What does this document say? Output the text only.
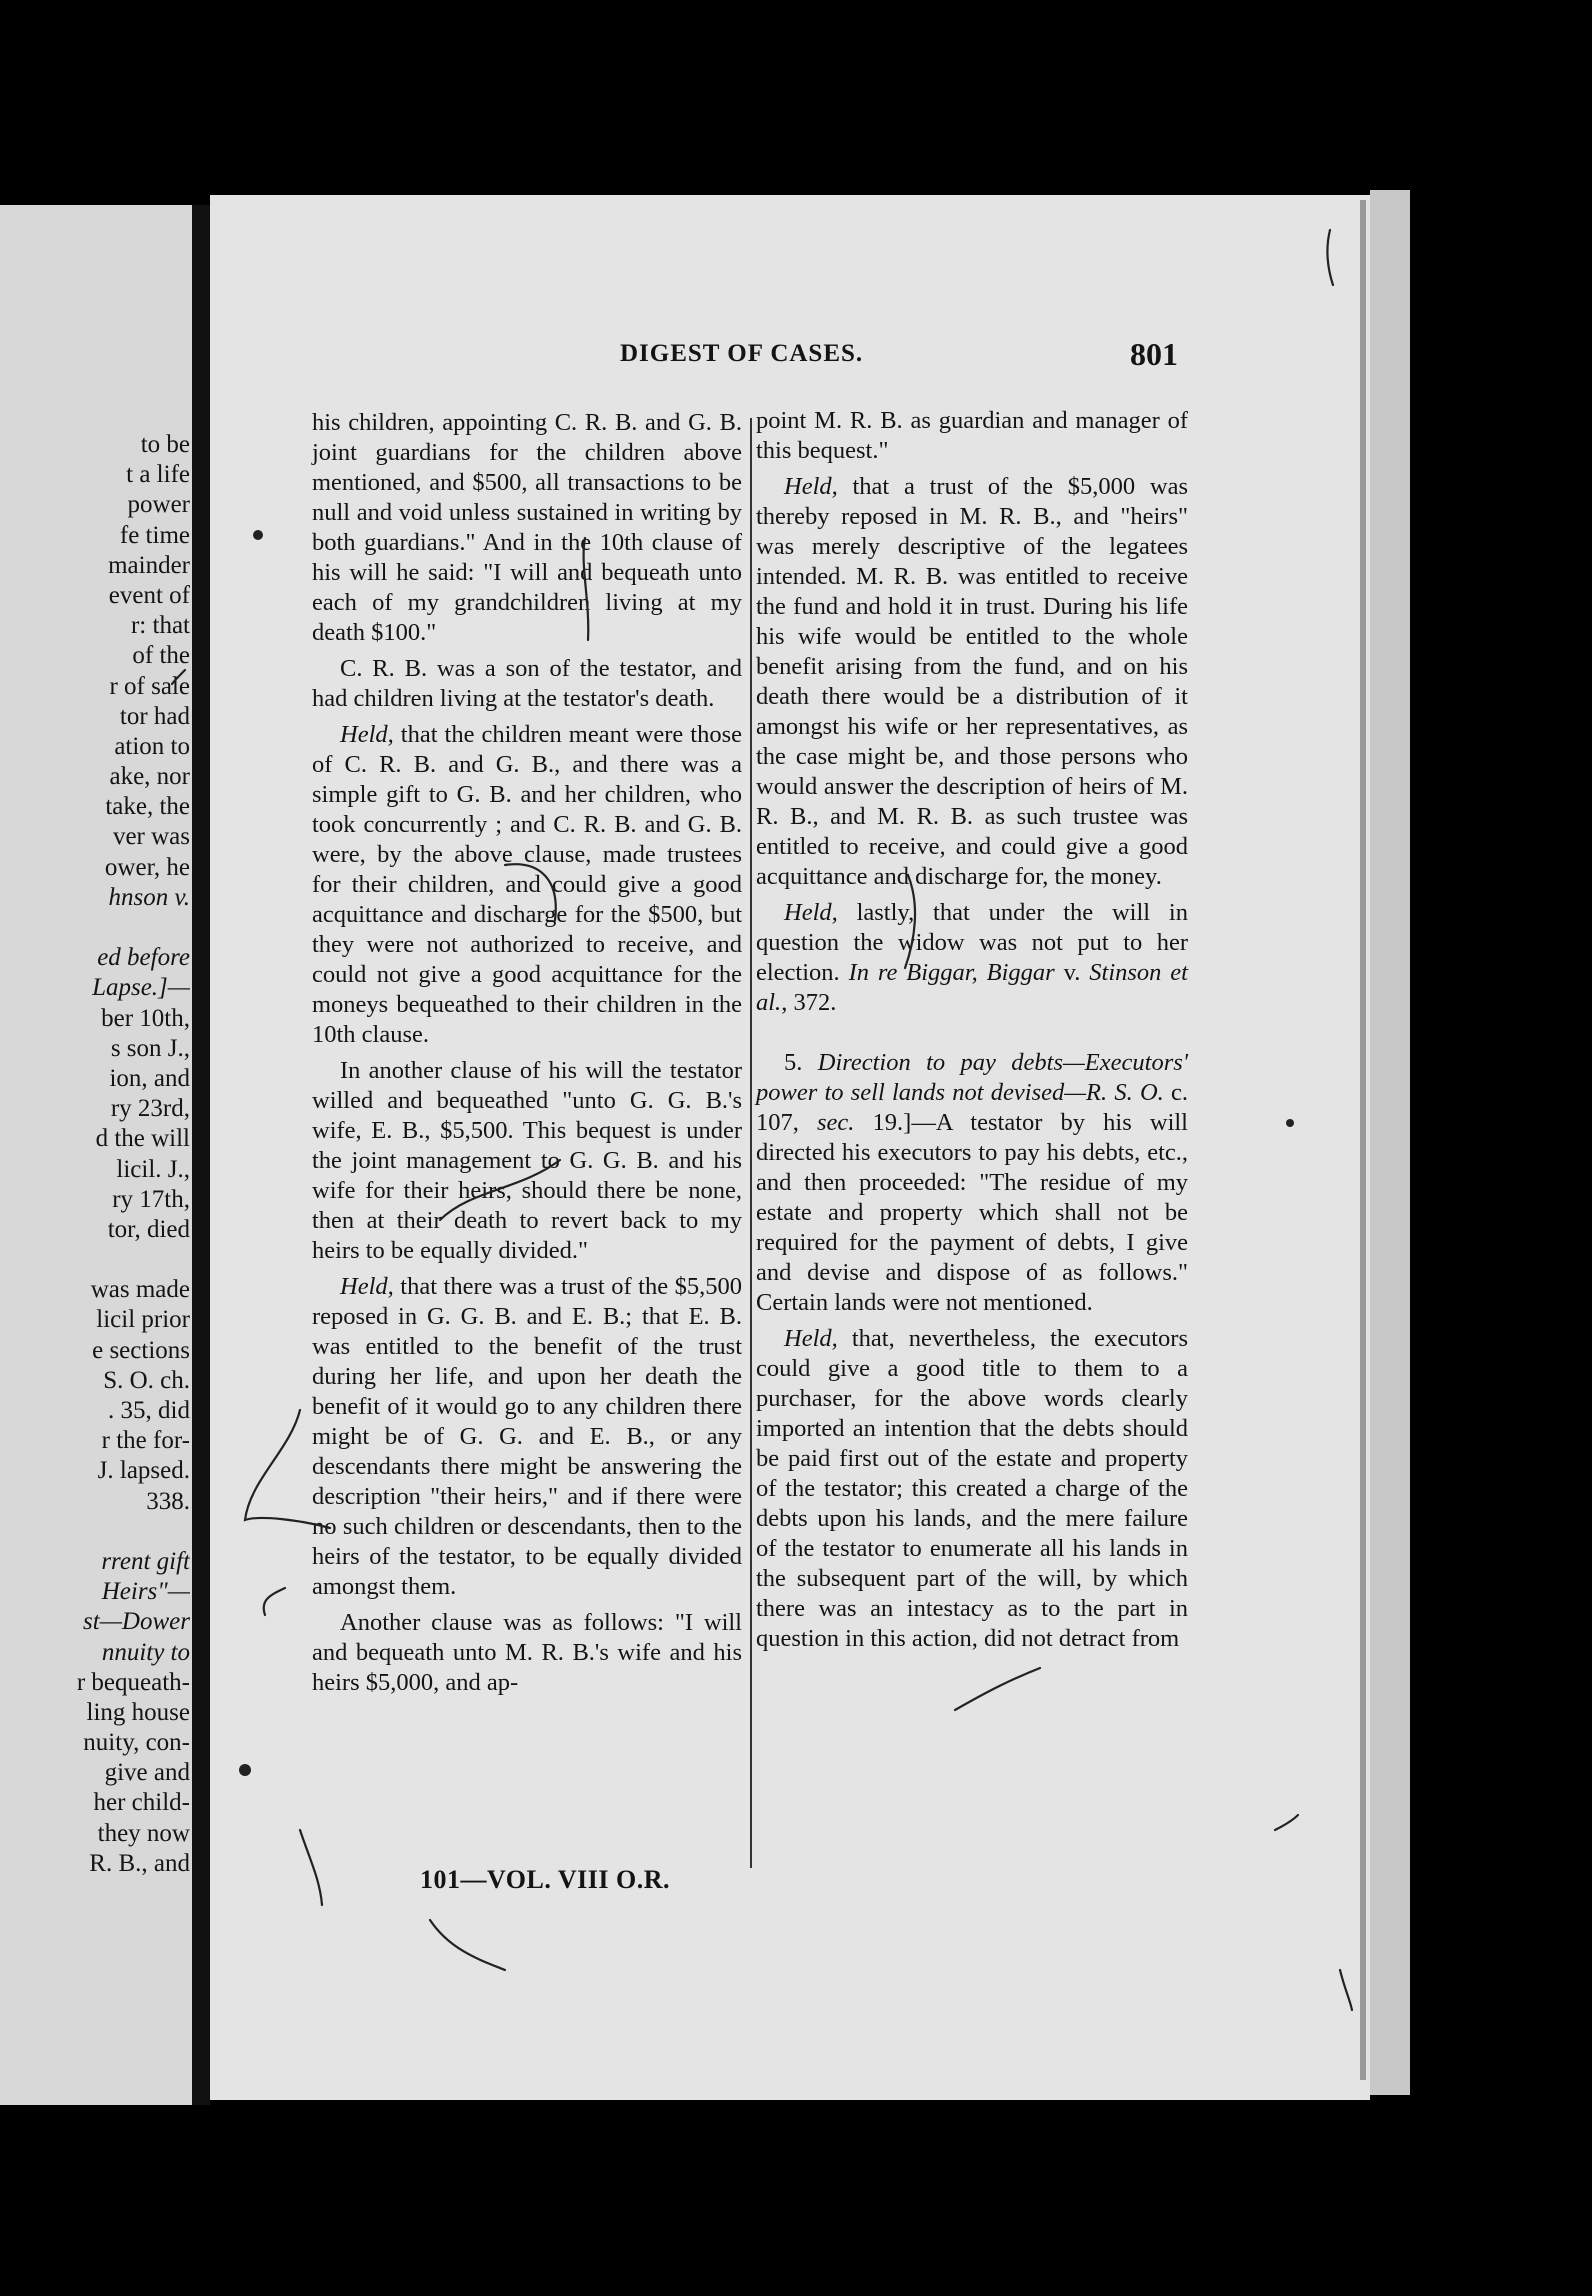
to be
t a life
power
fe time
mainder
event of
r: that
of the
r of sale
tor had
ation to
ake, nor
take, the
ver was
ower, he
hnson v.
ed before
Lapse.]—
ber 10th,
s son J.,
ion, and
ry 23rd,
d the will
licil. J.,
ry 17th,
tor, died
was made
licil prior
e sections
S. O. ch.
. 35, did
r the for-
J. lapsed.
338.
rrent gift
Heirs"—
st—Dower
nnuity to
r bequeath-
ling house
nuity, con-
give and
her child-
they now
R. B., and
DIGEST OF CASES.	801

his children, appointing C. R. B. and G. B. joint guardians for the children above mentioned, and $500, all transactions to be null and void unless sustained in writing by both guardians." And in the 10th clause of his will he said: "I will and bequeath unto each of my grandchildren living at my death $100."

C. R. B. was a son of the testator, and had children living at the testator's death.

Held, that the children meant were those of C. R. B. and G. B., and there was a simple gift to G. B. and her children, who took concurrently ; and C. R. B. and G. B. were, by the above clause, made trustees for their children, and could give a good acquittance and discharge for the $500, but they were not authorized to receive, and could not give a good acquittance for the moneys bequeathed to their children in the 10th clause.

In another clause of his will the testator willed and bequeathed "unto G. G. B.'s wife, E. B., $5,500. This bequest is under the joint management to G. G. B. and his wife for their heirs, should there be none, then at their death to revert back to my heirs to be equally divided."

Held, that there was a trust of the $5,500 reposed in G. G. B. and E. B.; that E. B. was entitled to the benefit of the trust during her life, and upon her death the benefit of it would go to any children there might be of G. G. and E. B., or any descendants there might be answering the description "their heirs," and if there were no such children or descendants, then to the heirs of the testator, to be equally divided amongst them.

Another clause was as follows: "I will and bequeath unto M. R. B.'s wife and his heirs $5,000, and ap-

point M. R. B. as guardian and manager of this bequest."

Held, that a trust of the $5,000 was thereby reposed in M. R. B., and "heirs" was merely descriptive of the legatees intended. M. R. B. was entitled to receive the fund and hold it in trust. During his life his wife would be entitled to the whole benefit arising from the fund, and on his death there would be a distribution of it amongst his wife or her representatives, as the case might be, and those persons who would answer the description of heirs of M. R. B., and M. R. B. as such trustee was entitled to receive, and could give a good acquittance and discharge for, the money.

Held, lastly, that under the will in question the widow was not put to her election. In re Biggar, Biggar v. Stinson et al., 372.

5. Direction to pay debts—Executors' power to sell lands not devised—R. S. O. c. 107, sec. 19.]—A testator by his will directed his executors to pay his debts, etc., and then proceeded: "The residue of my estate and property which shall not be required for the payment of debts, I give and devise and dispose of as follows." Certain lands were not mentioned.

Held, that, nevertheless, the executors could give a good title to them to a purchaser, for the above words clearly imported an intention that the debts should be paid first out of the estate and property of the testator; this created a charge of the debts upon his lands, and the mere failure of the testator to enumerate all his lands in the subsequent part of the will, by which there was an intestacy as to the part in question in this action, did not detract from

101—VOL. VIII O.R.
